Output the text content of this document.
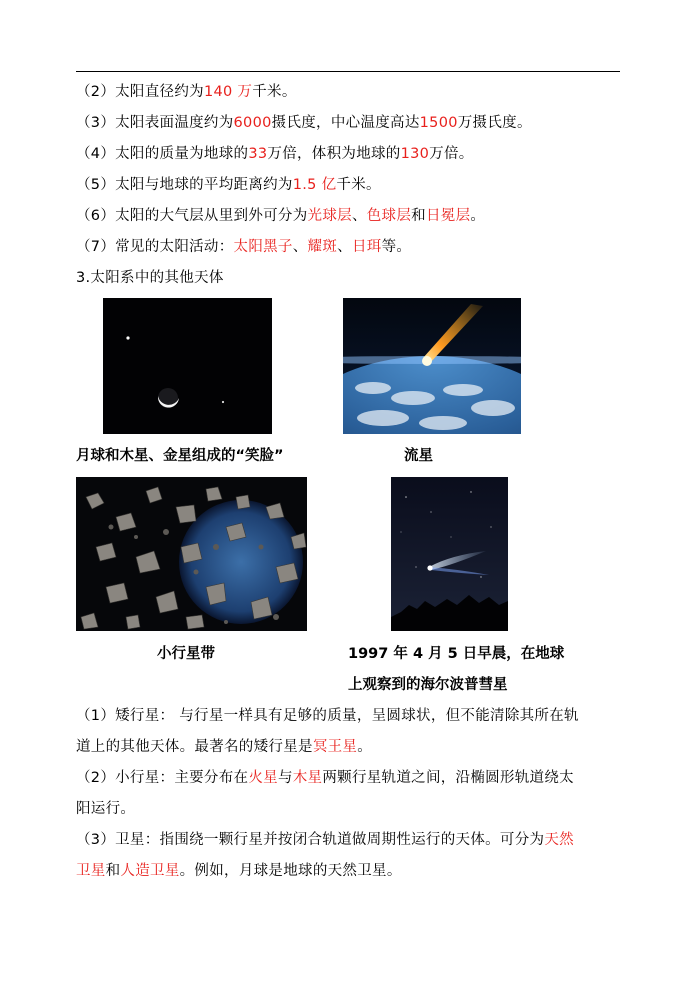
（2）太阳直径约为140 万千米。
（3）太阳表面温度约为6000摄氏度，中心温度高达1500万摄氏度。
（4）太阳的质量为地球的33万倍，体积为地球的130万倍。
（5）太阳与地球的平均距离约为1.5 亿千米。
（6）太阳的大气层从里到外可分为光球层、色球层和日冕层。
（7）常见的太阳活动：太阳黑子、耀斑、日珥等。
3.太阳系中的其他天体
月球和木星、金星组成的“笑脸”	流星
小行星带	1997 年 4 月 5 日早晨，在地球
上观察到的海尔波普彗星
（1）矮行星： 与行星一样具有足够的质量，呈圆球状，但不能清除其所在轨
道上的其他天体。最著名的矮行星是冥王星。
（2）小行星：主要分布在火星与木星两颗行星轨道之间，沿椭圆形轨道绕太
阳运行。
（3）卫星：指围绕一颗行星并按闭合轨道做周期性运行的天体。可分为天然
卫星和人造卫星。例如，月球是地球的天然卫星。
